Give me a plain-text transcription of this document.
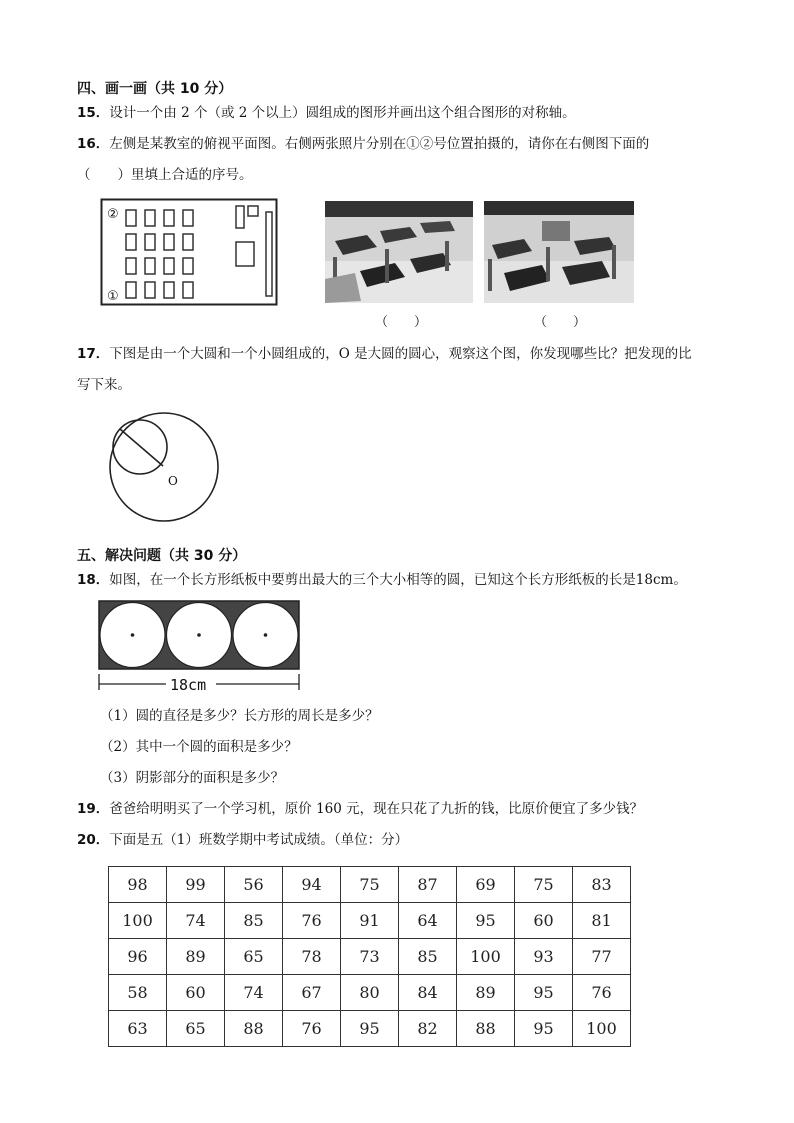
四、画一画（共 10 分）
15．设计一个由 2 个（或 2 个以上）圆组成的图形并画出这个组合图形的对称轴。
16．左侧是某教室的俯视平面图。右侧两张照片分别在①②号位置拍摄的，请你在右侧图下面的
（　　）里填上合适的序号。
②
①
（　　）	（　　）
17．下图是由一个大圆和一个小圆组成的，O 是大圆的圆心，观察这个图，你发现哪些比？把发现的比
写下来。
O
五、解决问题（共 30 分）
18．如图，在一个长方形纸板中要剪出最大的三个大小相等的圆，已知这个长方形纸板的长是18cm。
18cm
（1）圆的直径是多少？长方形的周长是多少？
（2）其中一个圆的面积是多少？
（3）阴影部分的面积是多少？
19．爸爸给明明买了一个学习机，原价 160 元，现在只花了九折的钱，比原价便宜了多少钱？
20．下面是五（1）班数学期中考试成绩。（单位：分）
98	99	56	94	75	87	69	75	83
100	74	85	76	91	64	95	60	81
96	89	65	78	73	85	100	93	77
58	60	74	67	80	84	89	95	76
63	65	88	76	95	82	88	95	100
